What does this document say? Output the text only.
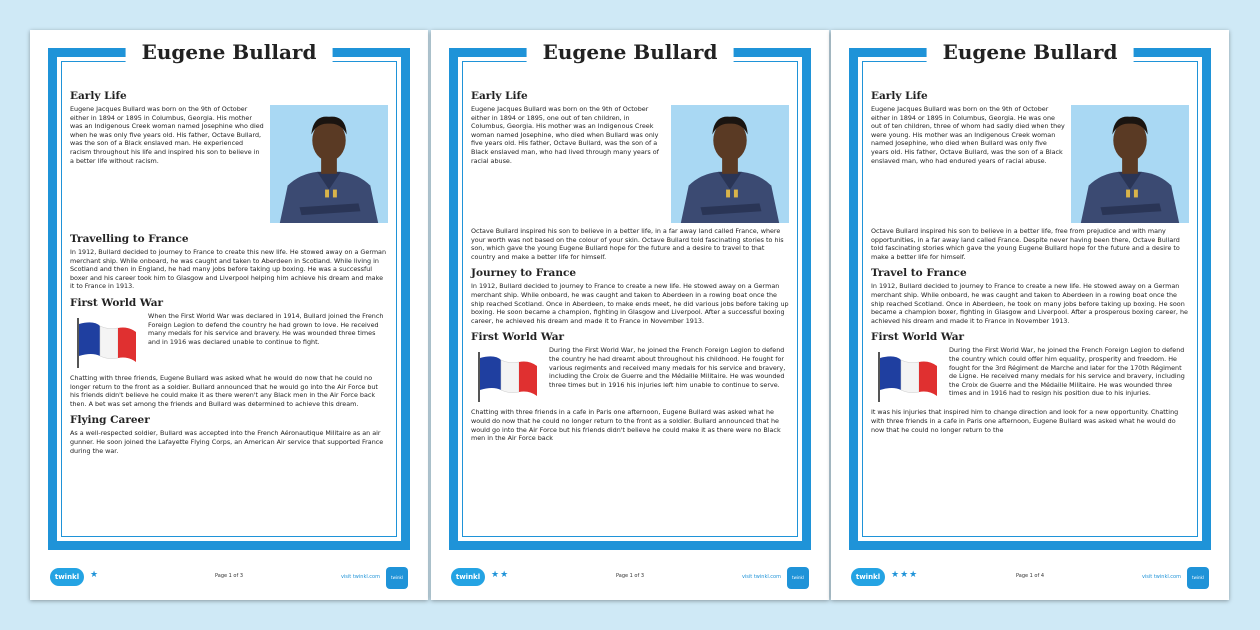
Early Life

Eugene Jacques Bullard was born on the 9th of October either in 1894 or 1895 in Columbus, Georgia. His mother was an Indigenous Creek woman named Josephine who died when he was only five years old. His father, Octave Bullard, was the son of a Black enslaved man. He experienced racism throughout his life and inspired his son to believe in a better life without racism.

Travelling to France

In 1912, Bullard decided to journey to France to create this new life. He stowed away on a German merchant ship. While onboard, he was caught and taken to Aberdeen in Scotland. While living in Scotland and then in England, he had many jobs before taking up boxing. He was a successful boxer and his career took him to Glasgow and Liverpool helping him achieve his dream and make it to France in 1913.

First World War

When the First World War was declared in 1914, Bullard joined the French Foreign Legion to defend the country he had grown to love. He received many medals for his service and bravery. He was wounded three times and in 1916 was declared unable to continue to fight.

Chatting with three friends, Eugene Bullard was asked what he would do now that he could no longer return to the front as a soldier. Bullard announced that he would go into the Air Force but his friends didn't believe he could make it as there weren't any Black men in the Air Force back then. A bet was set among the friends and Bullard was determined to achieve this dream.

Flying Career

As a well-respected soldier, Bullard was accepted into the French Aéronautique Militaire as an air gunner. He soon joined the Lafayette Flying Corps, an American Air service that supported France during the war.

Eugene Bullard
twinkl	★	Page 1 of 3	visit twinkl.com	twinkl
Early Life

Eugene Jacques Bullard was born on the 9th of October either in 1894 or 1895, one out of ten children, in Columbus, Georgia. His mother was an Indigenous Creek woman named Josephine, who died when Bullard was only five years old. His father, Octave Bullard, was the son of a Black enslaved man, who had lived through many years of racial abuse.

Octave Bullard inspired his son to believe in a better life, in a far away land called France, where your worth was not based on the colour of your skin. Octave Bullard told fascinating stories to his son, which gave the young Eugene Bullard hope for the future and a desire to travel to that country and make a better life for himself.

Journey to France

In 1912, Bullard decided to journey to France to create a new life. He stowed away on a German merchant ship. While onboard, he was caught and taken to Aberdeen in a rowing boat once the ship reached Scotland. Once in Aberdeen, to make ends meet, he did various jobs before taking up boxing. He soon became a champion, fighting in Glasgow and Liverpool. After a successful boxing career, he achieved his dream and made it to France in November 1913.

First World War

During the First World War, he joined the French Foreign Legion to defend the country he had dreamt about throughout his childhood. He fought for various regiments and received many medals for his service and bravery, including the Croix de Guerre and the Médaille Militaire. He was wounded three times but in 1916 his injuries left him unable to continue to serve.

Chatting with three friends in a cafe in Paris one afternoon, Eugene Bullard was asked what he would do now that he could no longer return to the front as a soldier. Bullard announced that he would go into the Air Force but his friends didn't believe he could make it as there were no Black men in the Air Force back

Eugene Bullard
twinkl	★★	Page 1 of 3	visit twinkl.com	twinkl
Early Life

Eugene Jacques Bullard was born on the 9th of October either in 1894 or 1895 in Columbus, Georgia. He was one out of ten children, three of whom had sadly died when they were young. His mother was an Indigenous Creek woman named Josephine, who died when Bullard was only five years old. His father, Octave Bullard, was the son of a Black enslaved man, who had endured years of racial abuse.

Octave Bullard inspired his son to believe in a better life, free from prejudice and with many opportunities, in a far away land called France. Despite never having been there, Octave Bullard told fascinating stories which gave the young Eugene Bullard hope for the future and a desire to make a better life for himself.

Travel to France

In 1912, Bullard decided to journey to France to create a new life. He stowed away on a German merchant ship. While onboard, he was caught and taken to Aberdeen in a rowing boat once the ship reached Scotland. Once in Aberdeen, he took on many jobs before taking up boxing. He soon became a champion boxer, fighting in Glasgow and Liverpool. After a prosperous boxing career, he achieved his dream and made it to France in November 1913.

First World War

During the First World War, he joined the French Foreign Legion to defend the country which could offer him equality, prosperity and freedom. He fought for the 3rd Régiment de Marche and later for the 170th Régiment de Ligne. He received many medals for his service and bravery, including the Croix de Guerre and the Médaille Militaire. He was wounded three times and in 1916 had to resign his position due to his injuries.

It was his injuries that inspired him to change direction and look for a new opportunity. Chatting with three friends in a cafe in Paris one afternoon, Eugene Bullard was asked what he would do now that he could no longer return to the

Eugene Bullard
twinkl	★★★	Page 1 of 4	visit twinkl.com	twinkl
